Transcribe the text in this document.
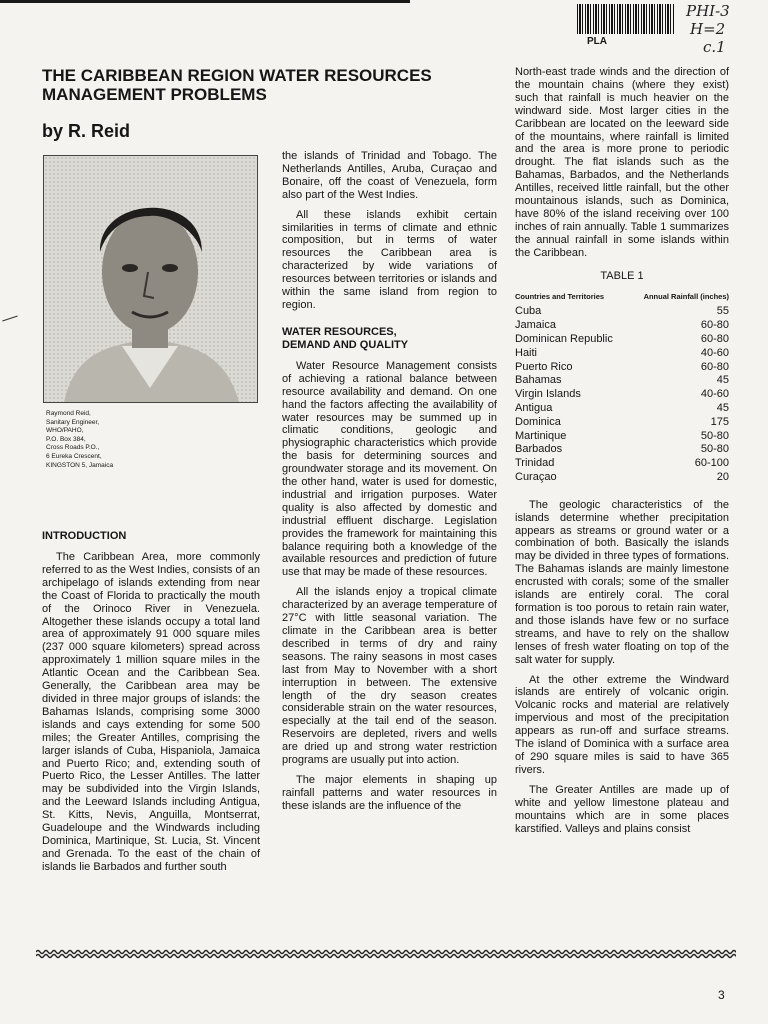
PLA
PHI-3
H=2
c.1
THE CARIBBEAN REGION WATER RESOURCES
MANAGEMENT PROBLEMS
by R. Reid
Raymond Reid,
Sanitary Engineer,
WHO/PAHO,
P.O. Box 384,
Cross Roads P.O.,
6 Eureka Crescent,
KINGSTON 5, Jamaica
INTRODUCTION

The Caribbean Area, more commonly referred to as the West Indies, consists of an archipelago of islands extending from near the Coast of Florida to practically the mouth of the Orinoco River in Venezuela. Altogether these islands occupy a total land area of approximately 91 000 square miles (237 000 square kilometers) spread across approximately 1 million square miles in the Atlantic Ocean and the Caribbean Sea. Generally, the Caribbean area may be divided in three major groups of islands: the Bahamas Islands, comprising some 3000 islands and cays extending for some 500 miles; the Greater Antilles, comprising the larger islands of Cuba, Hispaniola, Jamaica and Puerto Rico; and, extending south of Puerto Rico, the Lesser Antilles. The latter may be subdivided into the Virgin Islands, and the Leeward Islands including Antigua, St. Kitts, Nevis, Anguilla, Montserrat, Guadeloupe and the Windwards including Dominica, Martinique, St. Lucia, St. Vincent and Grenada. To the east of the chain of islands lie Barbados and further south

the islands of Trinidad and Tobago. The Netherlands Antilles, Aruba, Curaçao and Bonaire, off the coast of Venezuela, form also part of the West Indies.

All these islands exhibit certain similarities in terms of climate and ethnic composition, but in terms of water resources the Caribbean area is characterized by wide variations of resources between territories or islands and within the same island from region to region.

WATER RESOURCES,
DEMAND AND QUALITY

Water Resource Management consists of achieving a rational balance between resource availability and demand. On one hand the factors affecting the availability of water resources may be summed up in climatic conditions, geologic and physiographic characteristics which provide the basis for determining sources and groundwater storage and its movement. On the other hand, water is used for domestic, industrial and irrigation purposes. Water quality is also affected by domestic and industrial effluent discharge. Legislation provides the framework for maintaining this balance requiring both a knowledge of the available resources and prediction of future use that may be made of these resources.

All the islands enjoy a tropical climate characterized by an average temperature of 27°C with little seasonal variation. The climate in the Caribbean area is better described in terms of dry and rainy seasons. The rainy seasons in most cases last from May to November with a short interruption in between. The extensive length of the dry season creates considerable strain on the water resources, especially at the tail end of the season. Reservoirs are depleted, rivers and wells are dried up and strong water restriction programs are usually put into action.

The major elements in shaping up rainfall patterns and water resources in these islands are the influence of the

North-east trade winds and the direction of the mountain chains (where they exist) such that rainfall is much heavier on the windward side. Most larger cities in the Caribbean are located on the leeward side of the mountains, where rainfall is limited and the area is more prone to periodic drought. The flat islands such as the Bahamas, Barbados, and the Netherlands Antilles, received little rainfall, but the other mountainous islands, such as Dominica, have 80% of the island receiving over 100 inches of rain annually. Table 1 summarizes the annual rainfall in some islands within the Caribbean.

TABLE 1
Countries and Territories	Annual Rainfall (inches)
Cuba	55
Jamaica	60-80
Dominican Republic	60-80
Haiti	40-60
Puerto Rico	60-80
Bahamas	45
Virgin Islands	40-60
Antigua	45
Dominica	175
Martinique	50-80
Barbados	50-80
Trinidad	60-100
Curaçao	20

The geologic characteristics of the islands determine whether precipitation appears as streams or ground water or a combination of both. Basically the islands may be divided in three types of formations. The Bahamas islands are mainly limestone encrusted with corals; some of the smaller islands are entirely coral. The coral formation is too porous to retain rain water, and those islands have few or no surface streams, and have to rely on the shallow lenses of fresh water floating on top of the salt water for supply.

At the other extreme the Windward islands are entirely of volcanic origin. Volcanic rocks and material are relatively impervious and most of the precipitation appears as run-off and surface streams. The island of Dominica with a surface area of 290 square miles is said to have 365 rivers.

The Greater Antilles are made up of white and yellow limestone plateau and mountains which are in some places karstified. Valleys and plains consist

3
